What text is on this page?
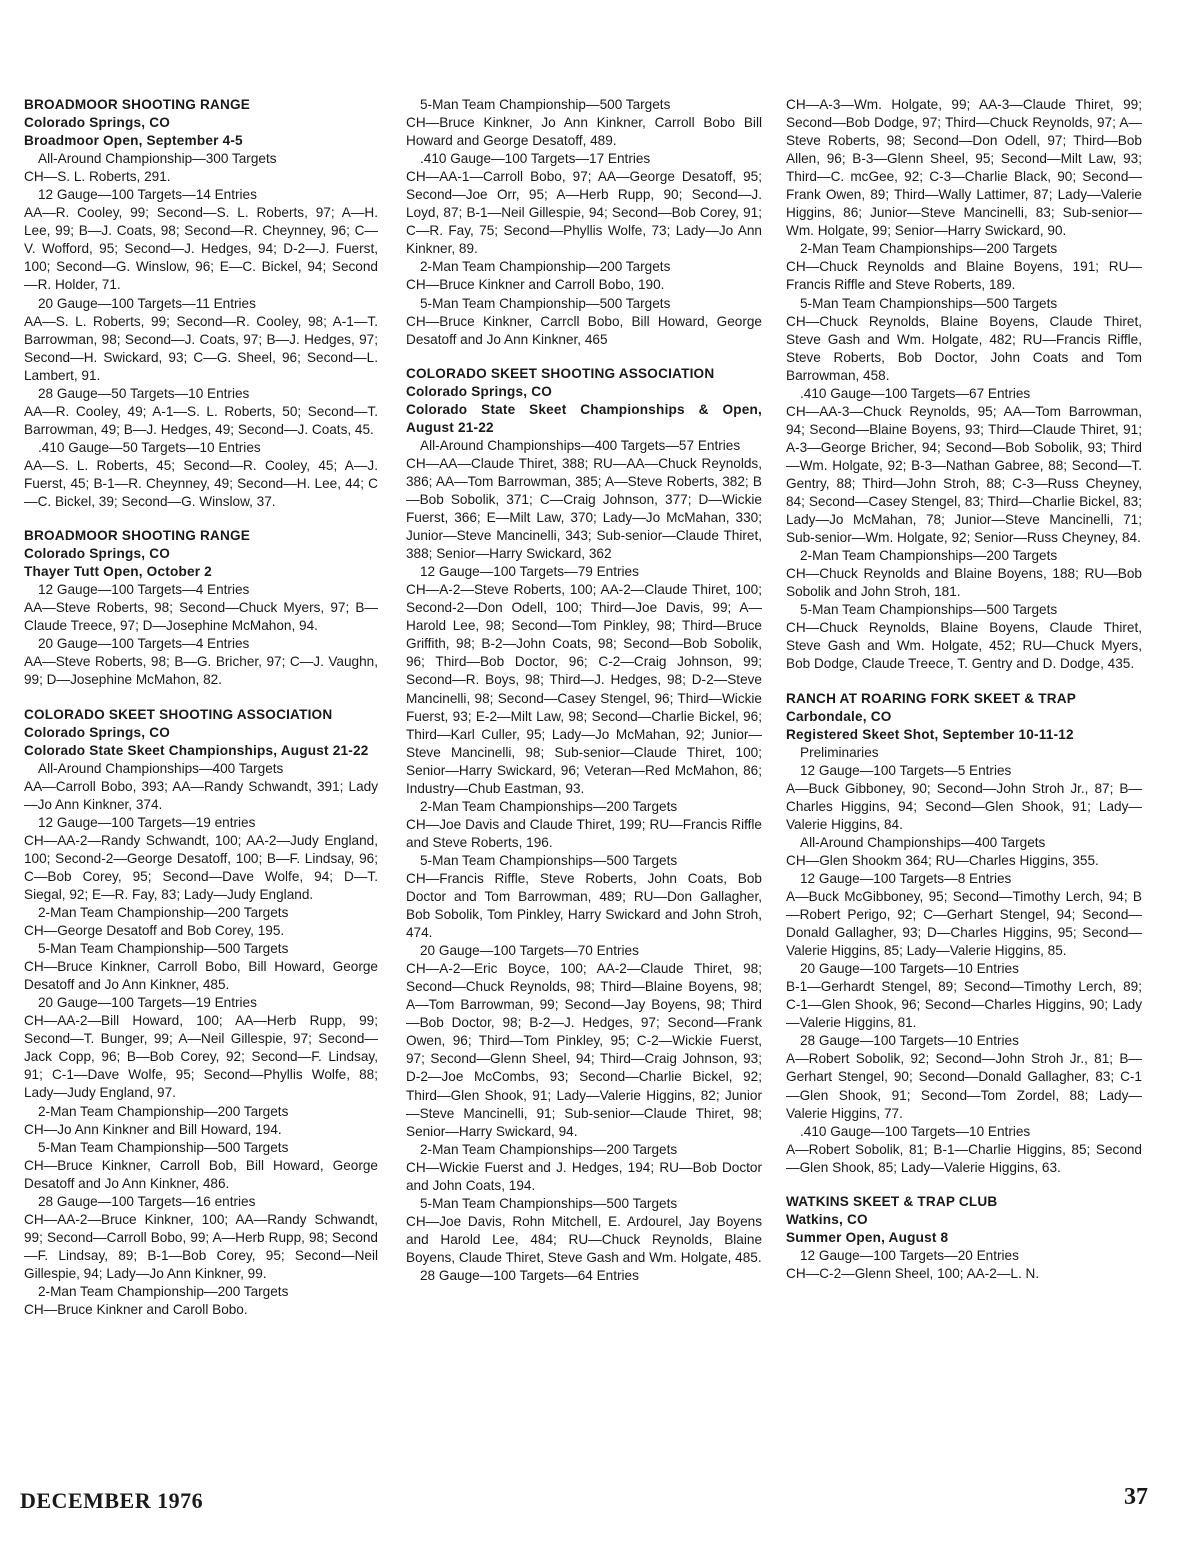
BROADMOOR SHOOTING RANGE
Colorado Springs, CO
Broadmoor Open, September 4-5
All-Around Championship—300 Targets
CH—S. L. Roberts, 291.
12 Gauge—100 Targets—14 Entries
AA—R. Cooley, 99; Second—S. L. Roberts, 97; A—H. Lee, 99; B—J. Coats, 98; Second—R. Cheynney, 96; C—V. Wofford, 95; Second—J. Hedges, 94; D-2—J. Fuerst, 100; Second—G. Winslow, 96; E—C. Bickel, 94; Second—R. Holder, 71.
20 Gauge—100 Targets—11 Entries
AA—S. L. Roberts, 99; Second—R. Cooley, 98; A-1—T. Barrowman, 98; Second—J. Coats, 97; B—J. Hedges, 97; Second—H. Swickard, 93; C—G. Sheel, 96; Second—L. Lambert, 91.
28 Gauge—50 Targets—10 Entries
AA—R. Cooley, 49; A-1—S. L. Roberts, 50; Second—T. Barrowman, 49; B—J. Hedges, 49; Second—J. Coats, 45.
.410 Gauge—50 Targets—10 Entries
AA—S. L. Roberts, 45; Second—R. Cooley, 45; A—J. Fuerst, 45; B-1—R. Cheynney, 49; Second—H. Lee, 44; C—C. Bickel, 39; Second—G. Winslow, 37.
BROADMOOR SHOOTING RANGE
Colorado Springs, CO
Thayer Tutt Open, October 2
12 Gauge—100 Targets—4 Entries
AA—Steve Roberts, 98; Second—Chuck Myers, 97; B—Claude Treece, 97; D—Josephine McMahon, 94.
20 Gauge—100 Targets—4 Entries
AA—Steve Roberts, 98; B—G. Bricher, 97; C—J. Vaughn, 99; D—Josephine McMahon, 82.
COLORADO SKEET SHOOTING ASSOCIATION
Colorado Springs, CO
Colorado State Skeet Championships, August 21-22
All-Around Championships—400 Targets
AA—Carroll Bobo, 393; AA—Randy Schwandt, 391; Lady—Jo Ann Kinkner, 374.
12 Gauge—100 Targets—19 entries
CH—AA-2—Randy Schwandt, 100; AA-2—Judy England, 100; Second-2—George Desatoff, 100; B—F. Lindsay, 96; C—Bob Corey, 95; Second—Dave Wolfe, 94; D—T. Siegal, 92; E—R. Fay, 83; Lady—Judy England.
2-Man Team Championship—200 Targets
CH—George Desatoff and Bob Corey, 195.
5-Man Team Championship—500 Targets
CH—Bruce Kinkner, Carroll Bobo, Bill Howard, George Desatoff and Jo Ann Kinkner, 485.
20 Gauge—100 Targets—19 Entries
CH—AA-2—Bill Howard, 100; AA—Herb Rupp, 99; Second—T. Bunger, 99; A—Neil Gillespie, 97; Second—Jack Copp, 96; B—Bob Corey, 92; Second—F. Lindsay, 91; C-1—Dave Wolfe, 95; Second—Phyllis Wolfe, 88; Lady—Judy England, 97.
2-Man Team Championship—200 Targets
CH—Jo Ann Kinkner and Bill Howard, 194.
5-Man Team Championship—500 Targets
CH—Bruce Kinkner, Carroll Bob, Bill Howard, George Desatoff and Jo Ann Kinkner, 486.
28 Gauge—100 Targets—16 entries
CH—AA-2—Bruce Kinkner, 100; AA—Randy Schwandt, 99; Second—Carroll Bobo, 99; A—Herb Rupp, 98; Second—F. Lindsay, 89; B-1—Bob Corey, 95; Second—Neil Gillespie, 94; Lady—Jo Ann Kinkner, 99.
2-Man Team Championship—200 Targets
CH—Bruce Kinkner and Caroll Bobo.
5-Man Team Championship—500 Targets
CH—Bruce Kinkner, Jo Ann Kinkner, Carroll Bobo Bill Howard and George Desatoff, 489.
.410 Gauge—100 Targets—17 Entries
CH—AA-1—Carroll Bobo, 97; AA—George Desatoff, 95; Second—Joe Orr, 95; A—Herb Rupp, 90; Second—J. Loyd, 87; B-1—Neil Gillespie, 94; Second—Bob Corey, 91; C—R. Fay, 75; Second—Phyllis Wolfe, 73; Lady—Jo Ann Kinkner, 89.
2-Man Team Championship—200 Targets
CH—Bruce Kinkner and Carroll Bobo, 190.
5-Man Team Championship—500 Targets
CH—Bruce Kinkner, Carrcll Bobo, Bill Howard, George Desatoff and Jo Ann Kinkner, 465
COLORADO SKEET SHOOTING ASSOCIATION
Colorado Springs, CO
Colorado State Skeet Championships & Open, August 21-22
All-Around Championships—400 Targets—57 Entries
CH—AA—Claude Thiret, 388; RU—AA—Chuck Reynolds, 386; AA—Tom Barrowman, 385; A—Steve Roberts, 382; B—Bob Sobolik, 371; C—Craig Johnson, 377; D—Wickie Fuerst, 366; E—Milt Law, 370; Lady—Jo McMahan, 330; Junior—Steve Mancinelli, 343; Sub-senior—Claude Thiret, 388; Senior—Harry Swickard, 362
12 Gauge—100 Targets—79 Entries
CH—A-2—Steve Roberts, 100; AA-2—Claude Thiret, 100; Second-2—Don Odell, 100; Third—Joe Davis, 99; A—Harold Lee, 98; Second—Tom Pinkley, 98; Third—Bruce Griffith, 98; B-2—John Coats, 98; Second—Bob Sobolik, 96; Third—Bob Doctor, 96; C-2—Craig Johnson, 99; Second—R. Boys, 98; Third—J. Hedges, 98; D-2—Steve Mancinelli, 98; Second—Casey Stengel, 96; Third—Wickie Fuerst, 93; E-2—Milt Law, 98; Second—Charlie Bickel, 96; Third—Karl Culler, 95; Lady—Jo McMahan, 92; Junior—Steve Mancinelli, 98; Sub-senior—Claude Thiret, 100; Senior—Harry Swickard, 96; Veteran—Red McMahon, 86; Industry—Chub Eastman, 93.
2-Man Team Championships—200 Targets
CH—Joe Davis and Claude Thiret, 199; RU—Francis Riffle and Steve Roberts, 196.
5-Man Team Championships—500 Targets
CH—Francis Riffle, Steve Roberts, John Coats, Bob Doctor and Tom Barrowman, 489; RU—Don Gallagher, Bob Sobolik, Tom Pinkley, Harry Swickard and John Stroh, 474.
20 Gauge—100 Targets—70 Entries
CH—A-2—Eric Boyce, 100; AA-2—Claude Thiret, 98; Second—Chuck Reynolds, 98; Third—Blaine Boyens, 98; A—Tom Barrowman, 99; Second—Jay Boyens, 98; Third—Bob Doctor, 98; B-2—J. Hedges, 97; Second—Frank Owen, 96; Third—Tom Pinkley, 95; C-2—Wickie Fuerst, 97; Second—Glenn Sheel, 94; Third—Craig Johnson, 93; D-2—Joe McCombs, 93; Second—Charlie Bickel, 92; Third—Glen Shook, 91; Lady—Valerie Higgins, 82; Junior—Steve Mancinelli, 91; Sub-senior—Claude Thiret, 98; Senior—Harry Swickard, 94.
2-Man Team Championships—200 Targets
CH—Wickie Fuerst and J. Hedges, 194; RU—Bob Doctor and John Coats, 194.
5-Man Team Championships—500 Targets
CH—Joe Davis, Rohn Mitchell, E. Ardourel, Jay Boyens and Harold Lee, 484; RU—Chuck Reynolds, Blaine Boyens, Claude Thiret, Steve Gash and Wm. Holgate, 485.
28 Gauge—100 Targets—64 Entries
CH—A-3—Wm. Holgate, 99; AA-3—Claude Thiret, 99; Second—Bob Dodge, 97; Third—Chuck Reynolds, 97; A—Steve Roberts, 98; Second—Don Odell, 97; Third—Bob Allen, 96; B-3—Glenn Sheel, 95; Second—Milt Law, 93; Third—C. mcGee, 92; C-3—Charlie Black, 90; Second—Frank Owen, 89; Third—Wally Lattimer, 87; Lady—Valerie Higgins, 86; Junior—Steve Mancinelli, 83; Sub-senior—Wm. Holgate, 99; Senior—Harry Swickard, 90.
2-Man Team Championships—200 Targets
CH—Chuck Reynolds and Blaine Boyens, 191; RU—Francis Riffle and Steve Roberts, 189.
5-Man Team Championships—500 Targets
CH—Chuck Reynolds, Blaine Boyens, Claude Thiret, Steve Gash and Wm. Holgate, 482; RU—Francis Riffle, Steve Roberts, Bob Doctor, John Coats and Tom Barrowman, 458.
.410 Gauge—100 Targets—67 Entries
CH—AA-3—Chuck Reynolds, 95; AA—Tom Barrowman, 94; Second—Blaine Boyens, 93; Third—Claude Thiret, 91; A-3—George Bricher, 94; Second—Bob Sobolik, 93; Third—Wm. Holgate, 92; B-3—Nathan Gabree, 88; Second—T. Gentry, 88; Third—John Stroh, 88; C-3—Russ Cheyney, 84; Second—Casey Stengel, 83; Third—Charlie Bickel, 83; Lady—Jo McMahan, 78; Junior—Steve Mancinelli, 71; Sub-senior—Wm. Holgate, 92; Senior—Russ Cheyney, 84.
2-Man Team Championships—200 Targets
CH—Chuck Reynolds and Blaine Boyens, 188; RU—Bob Sobolik and John Stroh, 181.
5-Man Team Championships—500 Targets
CH—Chuck Reynolds, Blaine Boyens, Claude Thiret, Steve Gash and Wm. Holgate, 452; RU—Chuck Myers, Bob Dodge, Claude Treece, T. Gentry and D. Dodge, 435.
RANCH AT ROARING FORK SKEET & TRAP
Carbondale, CO
Registered Skeet Shot, September 10-11-12
Preliminaries
12 Gauge—100 Targets—5 Entries
A—Buck Gibboney, 90; Second—John Stroh Jr., 87; B—Charles Higgins, 94; Second—Glen Shook, 91; Lady—Valerie Higgins, 84.
All-Around Championships—400 Targets
CH—Glen Shookm 364; RU—Charles Higgins, 355.
12 Gauge—100 Targets—8 Entries
A—Buck McGibboney, 95; Second—Timothy Lerch, 94; B—Robert Perigo, 92; C—Gerhart Stengel, 94; Second—Donald Gallagher, 93; D—Charles Higgins, 95; Second—Valerie Higgins, 85; Lady—Valerie Higgins, 85.
20 Gauge—100 Targets—10 Entries
B-1—Gerhardt Stengel, 89; Second—Timothy Lerch, 89; C-1—Glen Shook, 96; Second—Charles Higgins, 90; Lady—Valerie Higgins, 81.
28 Gauge—100 Targets—10 Entries
A—Robert Sobolik, 92; Second—John Stroh Jr., 81; B—Gerhart Stengel, 90; Second—Donald Gallagher, 83; C-1—Glen Shook, 91; Second—Tom Zordel, 88; Lady—Valerie Higgins, 77.
.410 Gauge—100 Targets—10 Entries
A—Robert Sobolik, 81; B-1—Charlie Higgins, 85; Second—Glen Shook, 85; Lady—Valerie Higgins, 63.
WATKINS SKEET & TRAP CLUB
Watkins, CO
Summer Open, August 8
12 Gauge—100 Targets—20 Entries
CH—C-2—Glenn Sheel, 100; AA-2—L. N.
DECEMBER 1976	37
